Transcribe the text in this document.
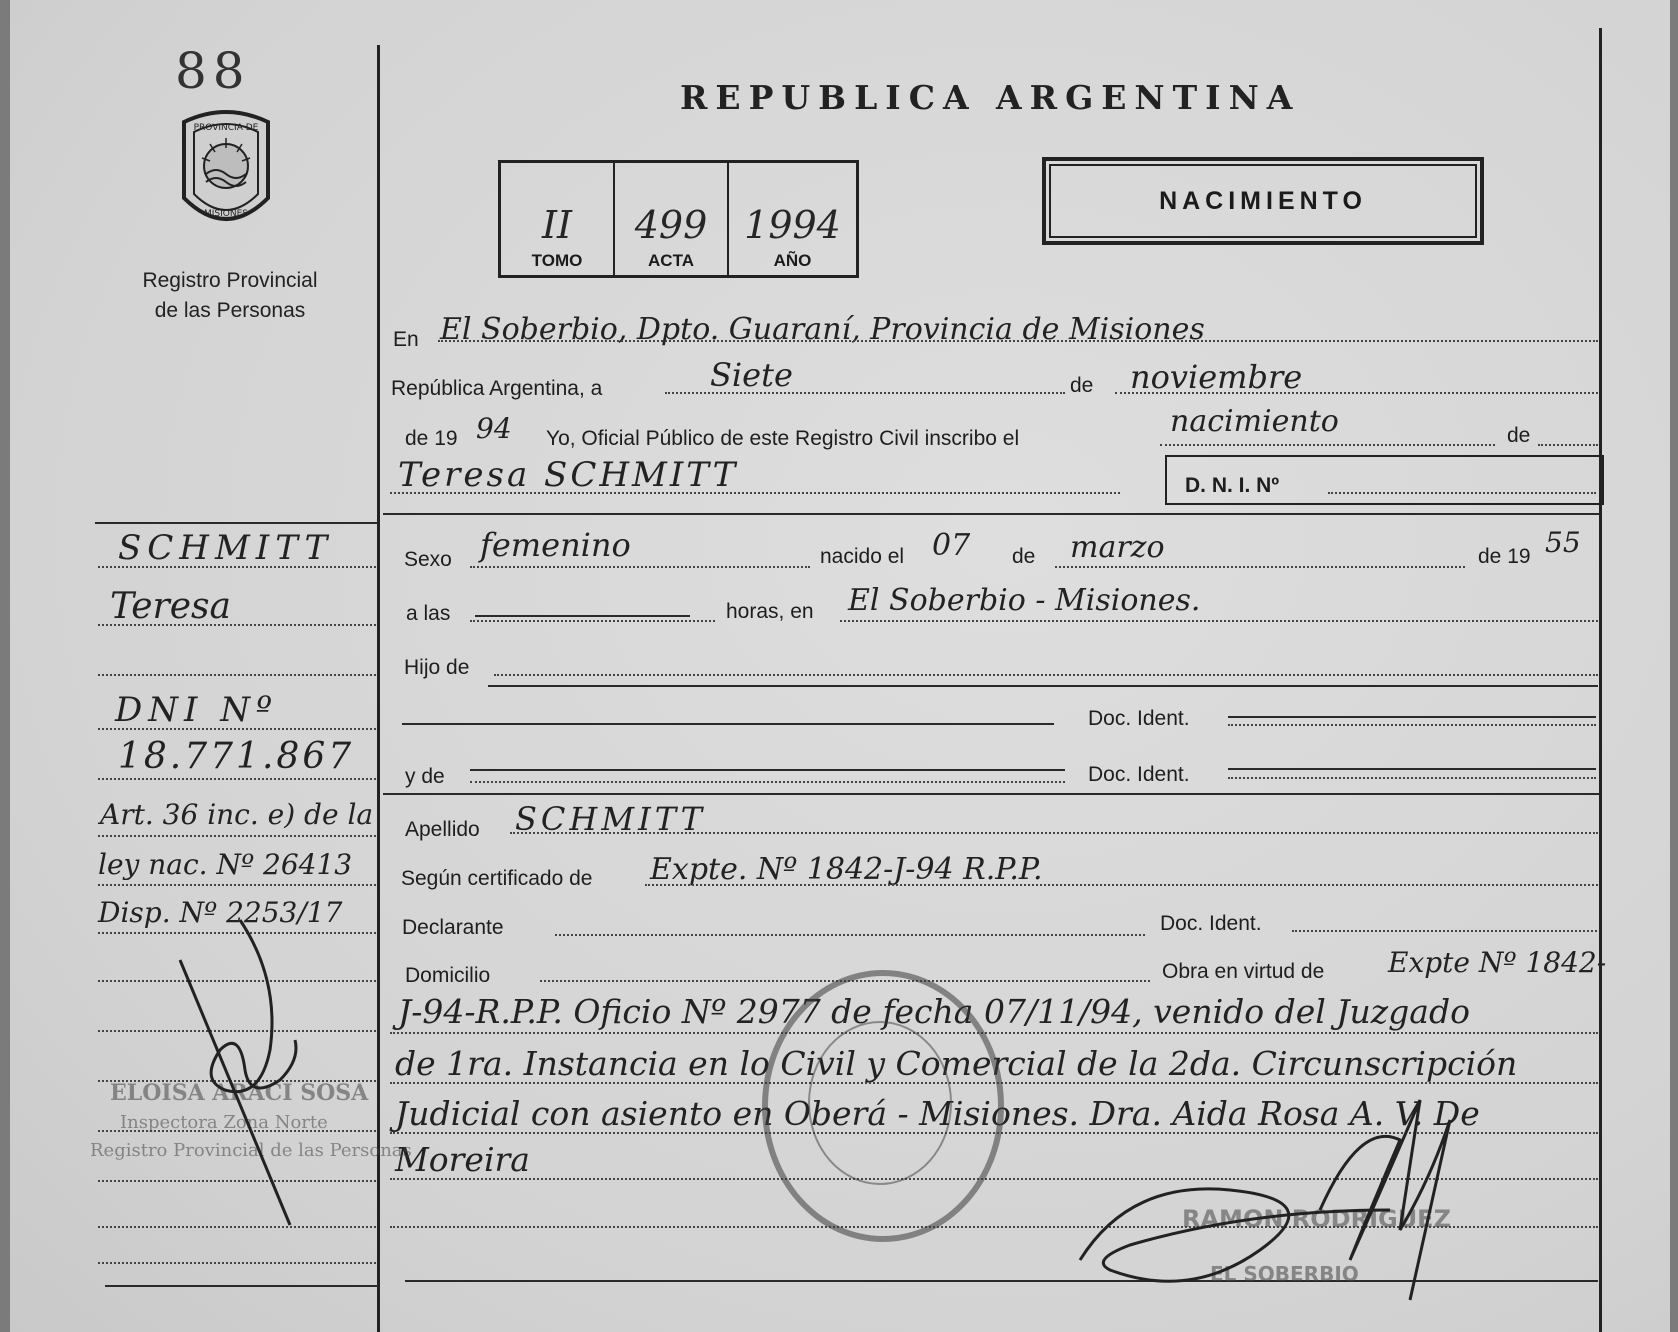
88
PROVINCIA DE
MISIONES
Registro Provincial
de las Personas
REPUBLICA ARGENTINA
II
TOMO
499
ACTA
1994
AÑO
NACIMIENTO
En El Soberbio, Dpto. Guaraní, Provincia de Misiones
República Argentina, a	Siete	de noviembre
de 19 94 Yo, Oficial Público de este Registro Civil inscribo el	nacimiento	de
Teresa SCHMITT	D. N. I. Nº
Sexo femenino	nacido el 07 de marzo	de 19 55
a las	horas, en El Soberbio - Misiones.
Hijo de
Doc. Ident.
y de	Doc. Ident.
Apellido SCHMITT
Según certificado de Expte. Nº 1842-J-94 R.P.P.
Declarante	Doc. Ident.
Domicilio	Obra en virtud de Expte Nº 1842-
J-94-R.P.P. Oficio Nº 2977 de fecha 07/11/94, venido del Juzgado
de 1ra. Instancia en lo Civil y Comercial de la 2da. Circunscripción
Judicial con asiento en Oberá - Misiones. Dra. Aida Rosa A. V. De
Moreira
RAMON RODRIGUEZ
EL SOBERBIO
SCHMITT
Teresa
DNI Nº
18.771.867
Art. 36 inc. e) de la
ley nac. Nº 26413
Disp. Nº 2253/17
ELOISA ARACI SOSA
Inspectora Zona Norte
Registro Provincial de las Personas
